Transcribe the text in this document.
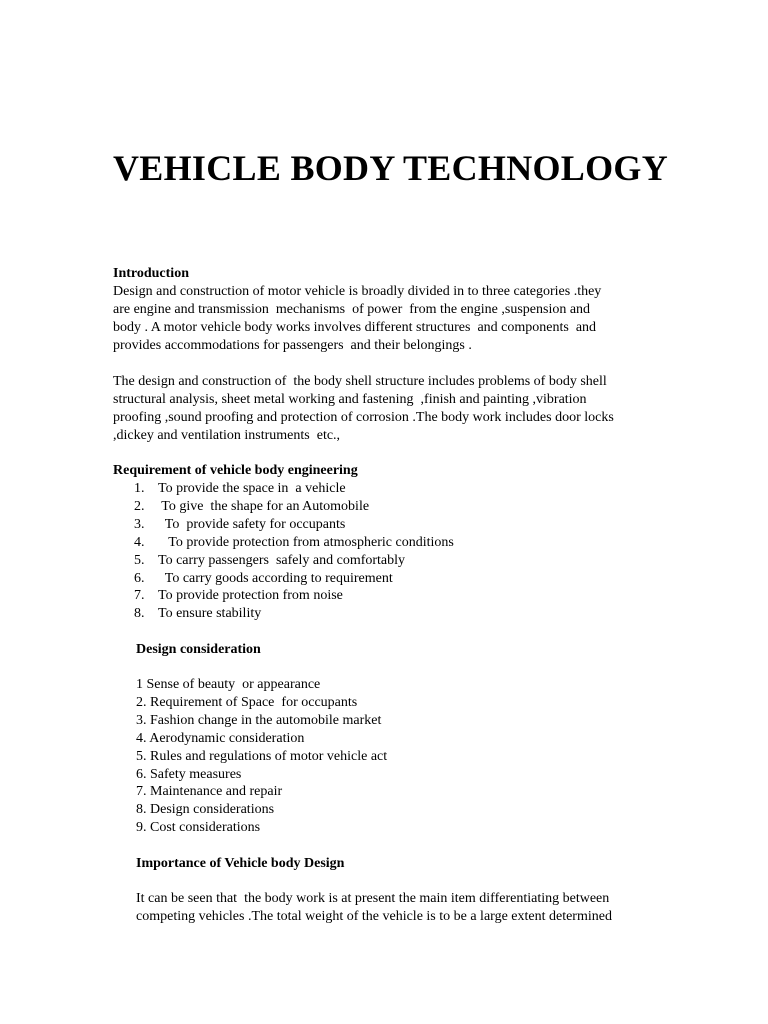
VEHICLE BODY TECHNOLOGY
Introduction
Design and construction of motor vehicle is broadly divided in to three categories .they
are engine and transmission  mechanisms  of power  from the engine ,suspension and
body . A motor vehicle body works involves different structures  and components  and
provides accommodations for passengers  and their belongings .
The design and construction of  the body shell structure includes problems of body shell
structural analysis, sheet metal working and fastening  ,finish and painting ,vibration
proofing ,sound proofing and protection of corrosion .The body work includes door locks
,dickey and ventilation instruments  etc.,
Requirement of vehicle body engineering
1. To provide the space in  a vehicle
2. To give  the shape for an Automobile
3. To  provide safety for occupants
4. To provide protection from atmospheric conditions
5. To carry passengers  safely and comfortably
6. To carry goods according to requirement
7. To provide protection from noise
8. To ensure stability
Design consideration
1 Sense of beauty  or appearance
2. Requirement of Space  for occupants
3. Fashion change in the automobile market
4. Aerodynamic consideration
5. Rules and regulations of motor vehicle act
6. Safety measures
7. Maintenance and repair
8. Design considerations
9. Cost considerations
Importance of Vehicle body Design
It can be seen that  the body work is at present the main item differentiating between
competing vehicles .The total weight of the vehicle is to be a large extent determined
